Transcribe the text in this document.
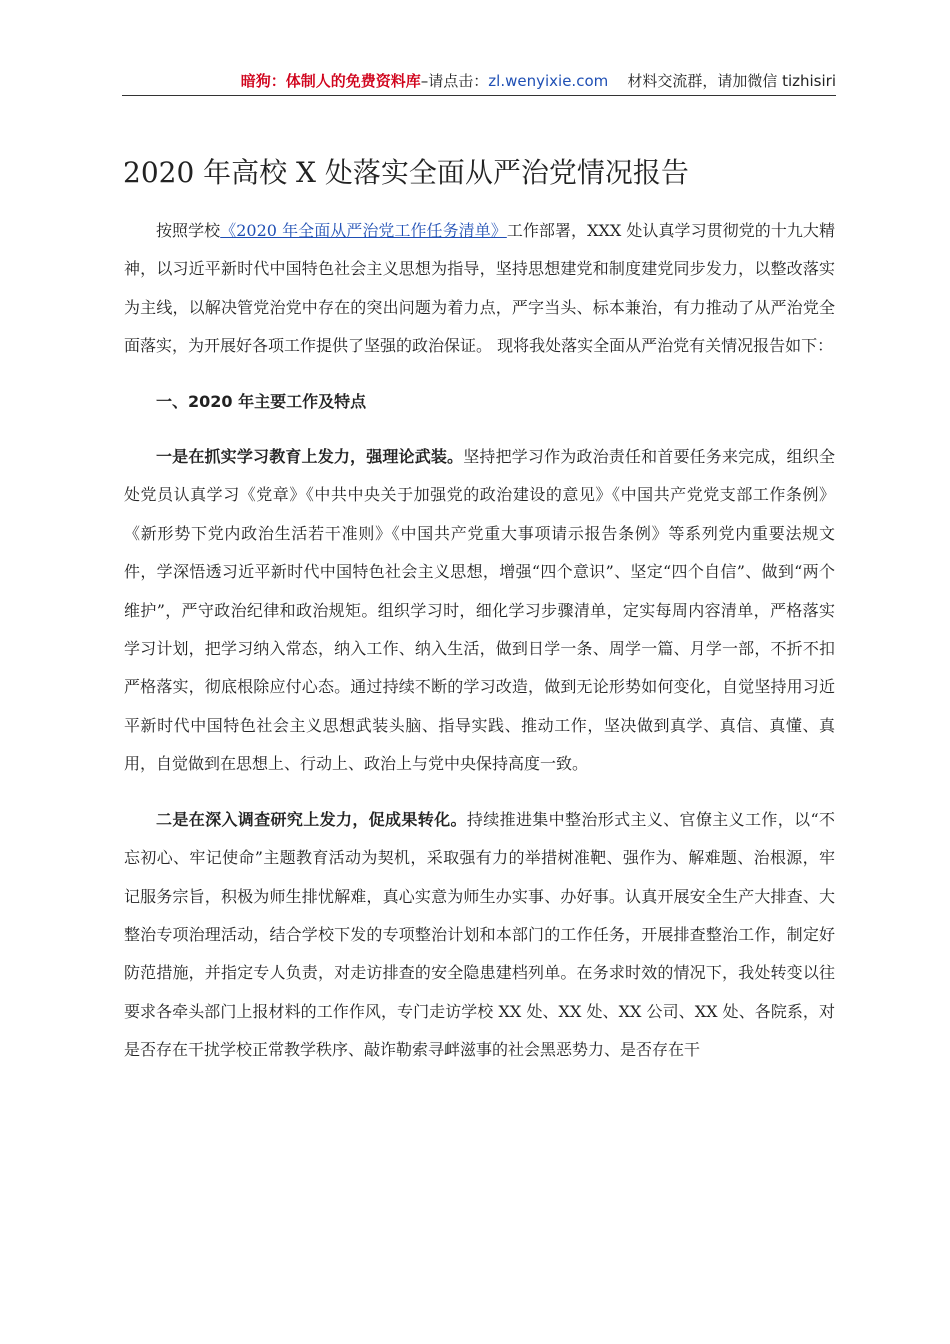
暗狗：体制人的免费资料库–请点击：zl.wenyixie.com 材料交流群，请加微信 tizhisiri
2020 年高校 X 处落实全面从严治党情况报告

按照学校《2020 年全面从严治党工作任务清单》工作部署，XXX 处认真学习贯彻党的十九大精神，以习近平新时代中国特色社会主义思想为指导，坚持思想建党和制度建党同步发力，以整改落实为主线，以解决管党治党中存在的突出问题为着力点，严字当头、标本兼治，有力推动了从严治党全面落实，为开展好各项工作提供了坚强的政治保证。 现将我处落实全面从严治党有关情况报告如下：

一、2020 年主要工作及特点

一是在抓实学习教育上发力，强理论武装。坚持把学习作为政治责任和首要任务来完成，组织全处党员认真学习《党章》《中共中央关于加强党的政治建设的意见》《中国共产党党支部工作条例》《新形势下党内政治生活若干准则》《中国共产党重大事项请示报告条例》等系列党内重要法规文件，学深悟透习近平新时代中国特色社会主义思想，增强“四个意识”、坚定“四个自信”、做到“两个维护”，严守政治纪律和政治规矩。组织学习时，细化学习步骤清单，定实每周内容清单，严格落实学习计划，把学习纳入常态，纳入工作、纳入生活，做到日学一条、周学一篇、月学一部，不折不扣严格落实，彻底根除应付心态。通过持续不断的学习改造，做到无论形势如何变化，自觉坚持用习近平新时代中国特色社会主义思想武装头脑、指导实践、推动工作，坚决做到真学、真信、真懂、真用，自觉做到在思想上、行动上、政治上与党中央保持高度一致。

二是在深入调查研究上发力，促成果转化。持续推进集中整治形式主义、官僚主义工作，以“不忘初心、牢记使命”主题教育活动为契机，采取强有力的举措树准靶、强作为、解难题、治根源，牢记服务宗旨，积极为师生排忧解难，真心实意为师生办实事、办好事。认真开展安全生产大排查、大整治专项治理活动，结合学校下发的专项整治计划和本部门的工作任务，开展排查整治工作，制定好防范措施，并指定专人负责，对走访排查的安全隐患建档列单。在务求时效的情况下，我处转变以往要求各牵头部门上报材料的工作作风，专门走访学校 XX 处、XX 处、XX 公司、XX 处、各院系，对是否存在干扰学校正常教学秩序、敲诈勒索寻衅滋事的社会黑恶势力、是否存在干
